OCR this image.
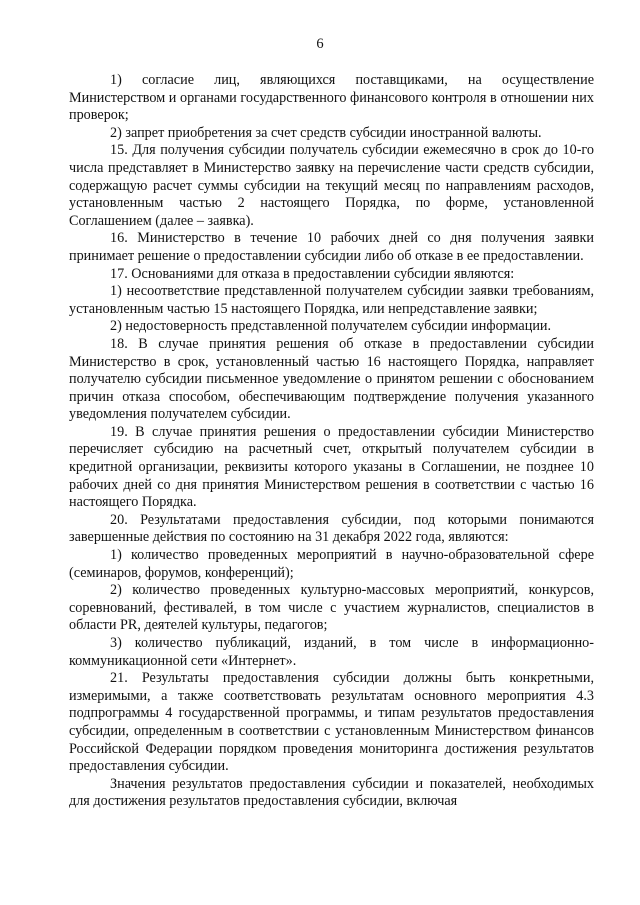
6

1) согласие лиц, являющихся поставщиками, на осуществление Министерством и органами государственного финансового контроля в отношении них проверок;

2) запрет приобретения за счет средств субсидии иностранной валюты.

15. Для получения субсидии получатель субсидии ежемесячно в срок до 10-го числа представляет в Министерство заявку на перечисление части средств субсидии, содержащую расчет суммы субсидии на текущий месяц по направлениям расходов, установленным частью 2 настоящего Порядка, по форме, установленной Соглашением (далее – заявка).

16. Министерство в течение 10 рабочих дней со дня получения заявки принимает решение о предоставлении субсидии либо об отказе в ее предоставлении.

17. Основаниями для отказа в предоставлении субсидии являются:

1) несоответствие представленной получателем субсидии заявки требованиям, установленным частью 15 настоящего Порядка, или непредставление заявки;

2) недостоверность представленной получателем субсидии информации.

18. В случае принятия решения об отказе в предоставлении субсидии Министерство в срок, установленный частью 16 настоящего Порядка, направляет получателю субсидии письменное уведомление о принятом решении с обоснованием причин отказа способом, обеспечивающим подтверждение получения указанного уведомления получателем субсидии.

19. В случае принятия решения о предоставлении субсидии Министерство перечисляет субсидию на расчетный счет, открытый получателем субсидии в кредитной организации, реквизиты которого указаны в Соглашении, не позднее 10 рабочих дней со дня принятия Министерством решения в соответствии с частью 16 настоящего Порядка.

20. Результатами предоставления субсидии, под которыми понимаются завершенные действия по состоянию на 31 декабря 2022 года, являются:

1) количество проведенных мероприятий в научно-образовательной сфере (семинаров, форумов, конференций);

2) количество проведенных культурно-массовых мероприятий, конкурсов, соревнований, фестивалей, в том числе с участием журналистов, специалистов в области PR, деятелей культуры, педагогов;

3) количество публикаций, изданий, в том числе в информационно-коммуникационной сети «Интернет».

21. Результаты предоставления субсидии должны быть конкретными, измеримыми, а также соответствовать результатам основного мероприятия 4.3 подпрограммы 4 государственной программы, и типам результатов предоставления субсидии, определенным в соответствии с установленным Министерством финансов Российской Федерации порядком проведения мониторинга достижения результатов предоставления субсидии.

Значения результатов предоставления субсидии и показателей, необходимых для достижения результатов предоставления субсидии, включая
